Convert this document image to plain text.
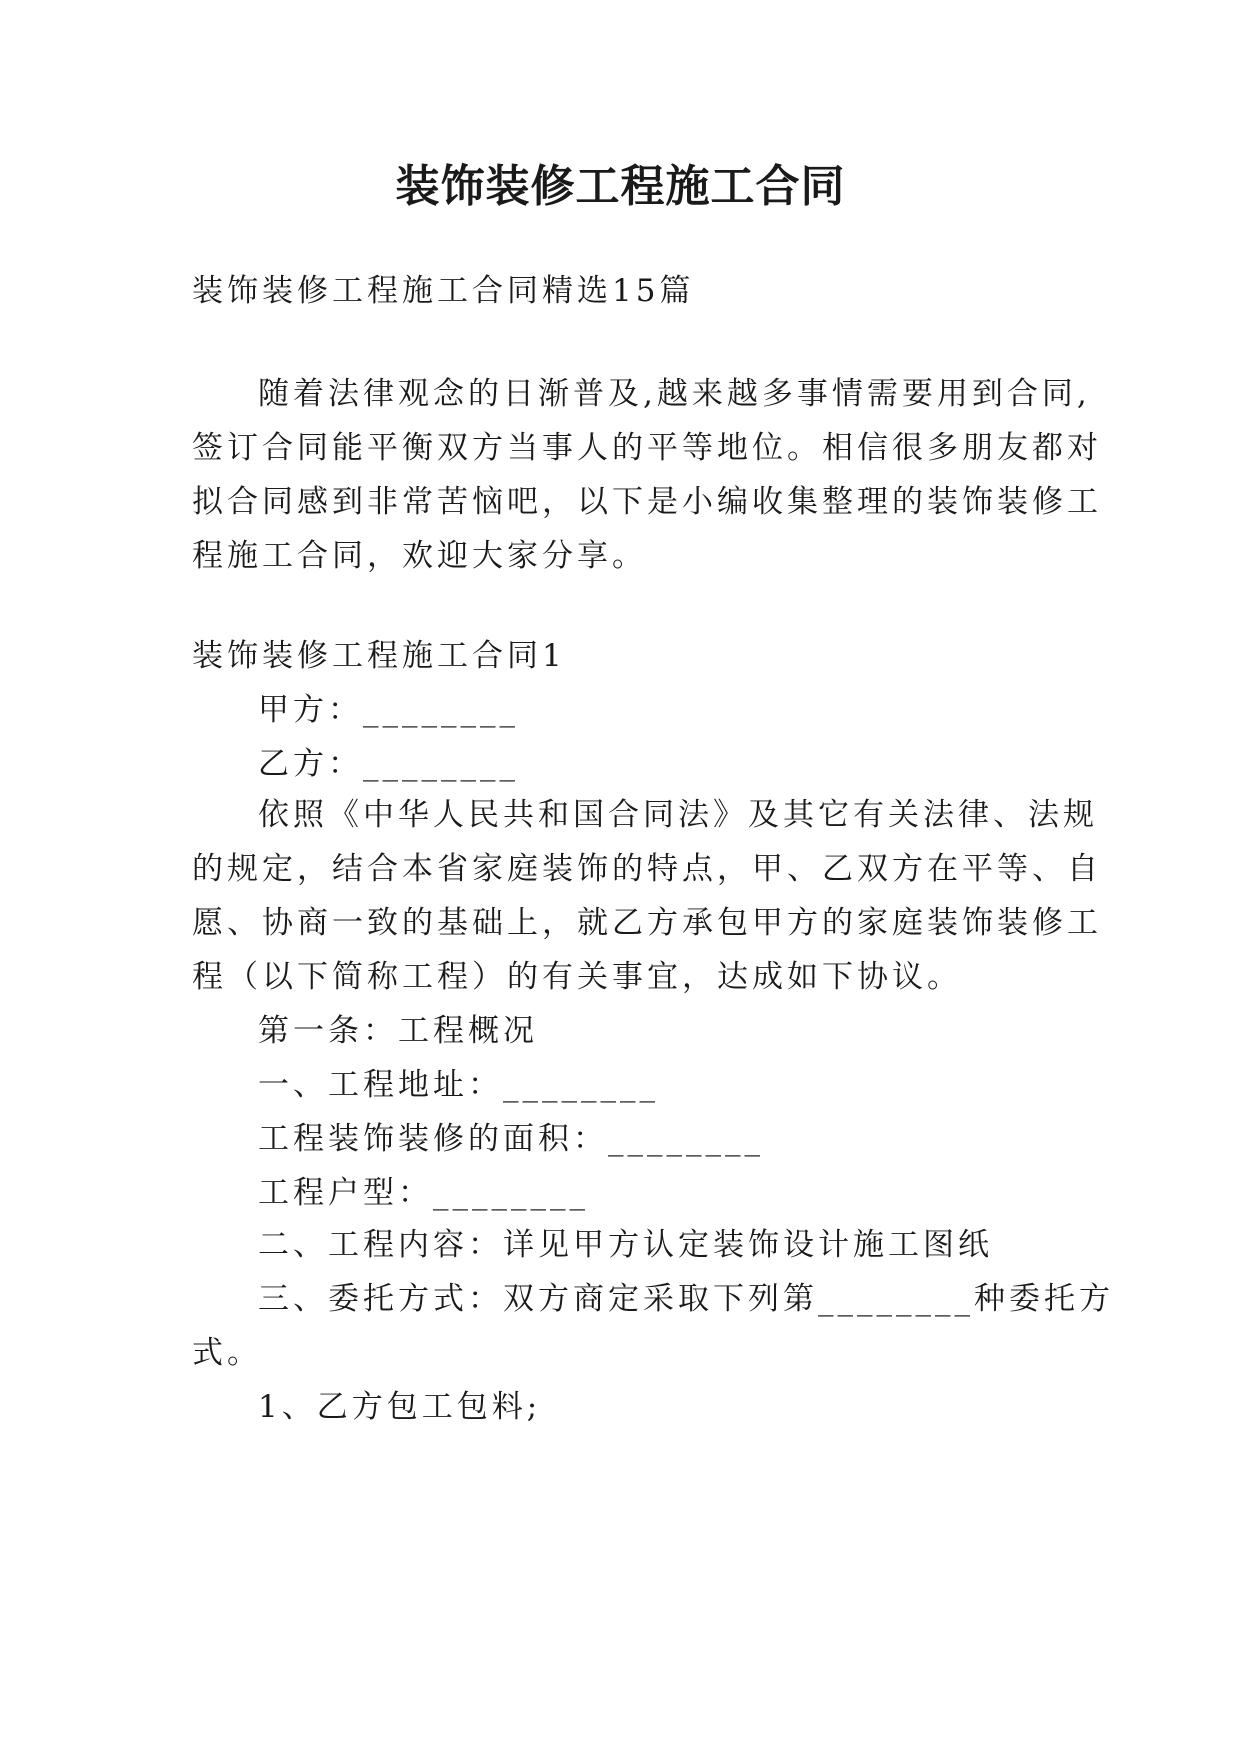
装饰装修工程施工合同
装饰装修工程施工合同精选15篇
随着法律观念的日渐普及,越来越多事情需要用到合同,
签订合同能平衡双方当事人的平等地位。相信很多朋友都对
拟合同感到非常苦恼吧，以下是小编收集整理的装饰装修工
程施工合同，欢迎大家分享。
装饰装修工程施工合同1
甲方：________
乙方：________
依照《中华人民共和国合同法》及其它有关法律、法规
的规定，结合本省家庭装饰的特点，甲、乙双方在平等、自
愿、协商一致的基础上，就乙方承包甲方的家庭装饰装修工
程（以下简称工程）的有关事宜，达成如下协议。
第一条：工程概况
一、工程地址：________
工程装饰装修的面积：________
工程户型：________
二、工程内容：详见甲方认定装饰设计施工图纸
三、委托方式：双方商定采取下列第________种委托方
式。
1、乙方包工包料;
